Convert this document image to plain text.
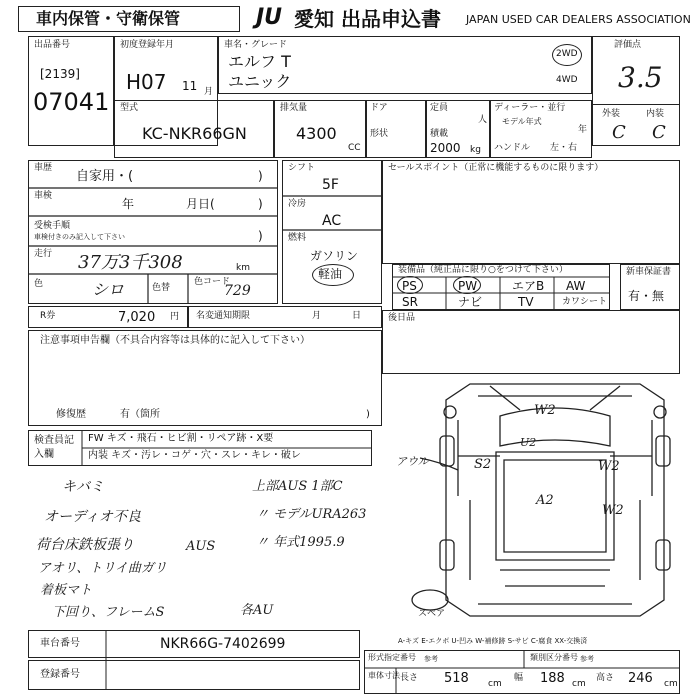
車内保管・守衛保管	JU 愛知 出品申込書 JAPAN USED CAR DEALERS ASSOCIATION
出品番号
[2139]
07041
初度登録年月
H07 11 月
車名・グレード
エルフ T
ユニック
2WD
4WD
評価点
3.5
外装	内装
C C
型式
KC-NKR66GN
排気量
4300
CC
ドア
形状
定員
人
積載
2000 kg
ディーラー・並行
モデル年式
年
ハンドル 左・右
車歴
自家用・(	)
車検
年	月日(	)
受検手順
車検付きのみ記入して下さい	)
走行 37万3千308	km
色	シロ	色替
色コード
729
シフト
5F
冷房
AC
燃料
ガソリン
軽油
セールスポイント（正常に機能するものに限ります）
装備品（純正品に限り○をつけて下さい）
PS	PW	エアB AW
SR	ナビ	TV	カワシート
新車保証書
有・無
R券	7,020 円 名変通知期限	月	日	後日品
注意事項申告欄（不具合内容等は具体的に記入して下さい）
修復歴	有（箇所	)
検査員記入欄
FW キズ・飛石・ヒビ割・リペア跡・X要
内装 キズ・汚レ・コゲ・穴・スレ・キレ・破レ
キバミ	上部AUS 1部C
オーディオ不良	〃 モデルURA263
荷台床鉄板張り	AUS	〃 年式1995.9
アオリ、トリイ曲ガリ
着板マト
下回り、フレームS	各AU
W2
U2
S2	W2
A2
W2
アウル
スペア
A-キズ E-エクボ U-凹み W-補修跡 S-サビ C-腐食 XX-交換済
車台番号	NKR66G-7402699
登録番号
形式指定番号 参考	類別区分番号 参考
車体寸法 長さ 518 cm
幅 188 cm
高さ 246 cm
